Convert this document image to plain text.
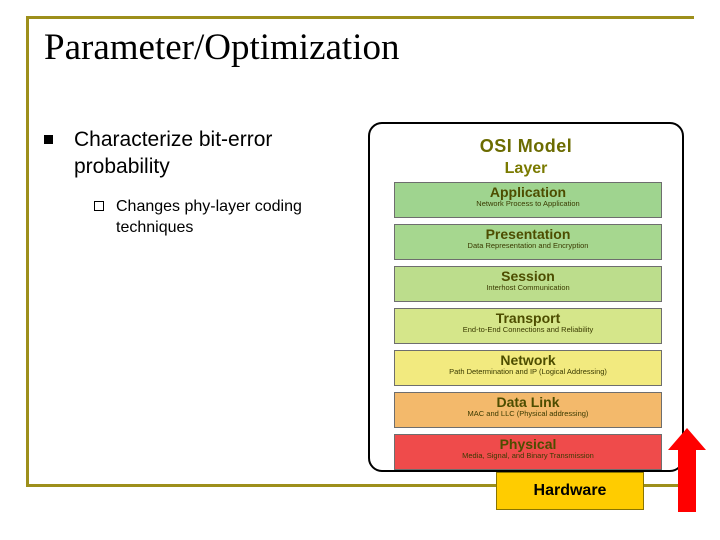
Parameter/Optimization
Characterize bit-error probability
Changes phy-layer coding techniques
OSI Model
Layer
Application
Network Process to Application
Presentation
Data Representation and Encryption
Session
Interhost Communication
Transport
End-to-End Connections and Reliability
Network
Path Determination and IP (Logical Addressing)
Data Link
MAC and LLC (Physical addressing)
Physical
Media, Signal, and Binary Transmission
Hardware
